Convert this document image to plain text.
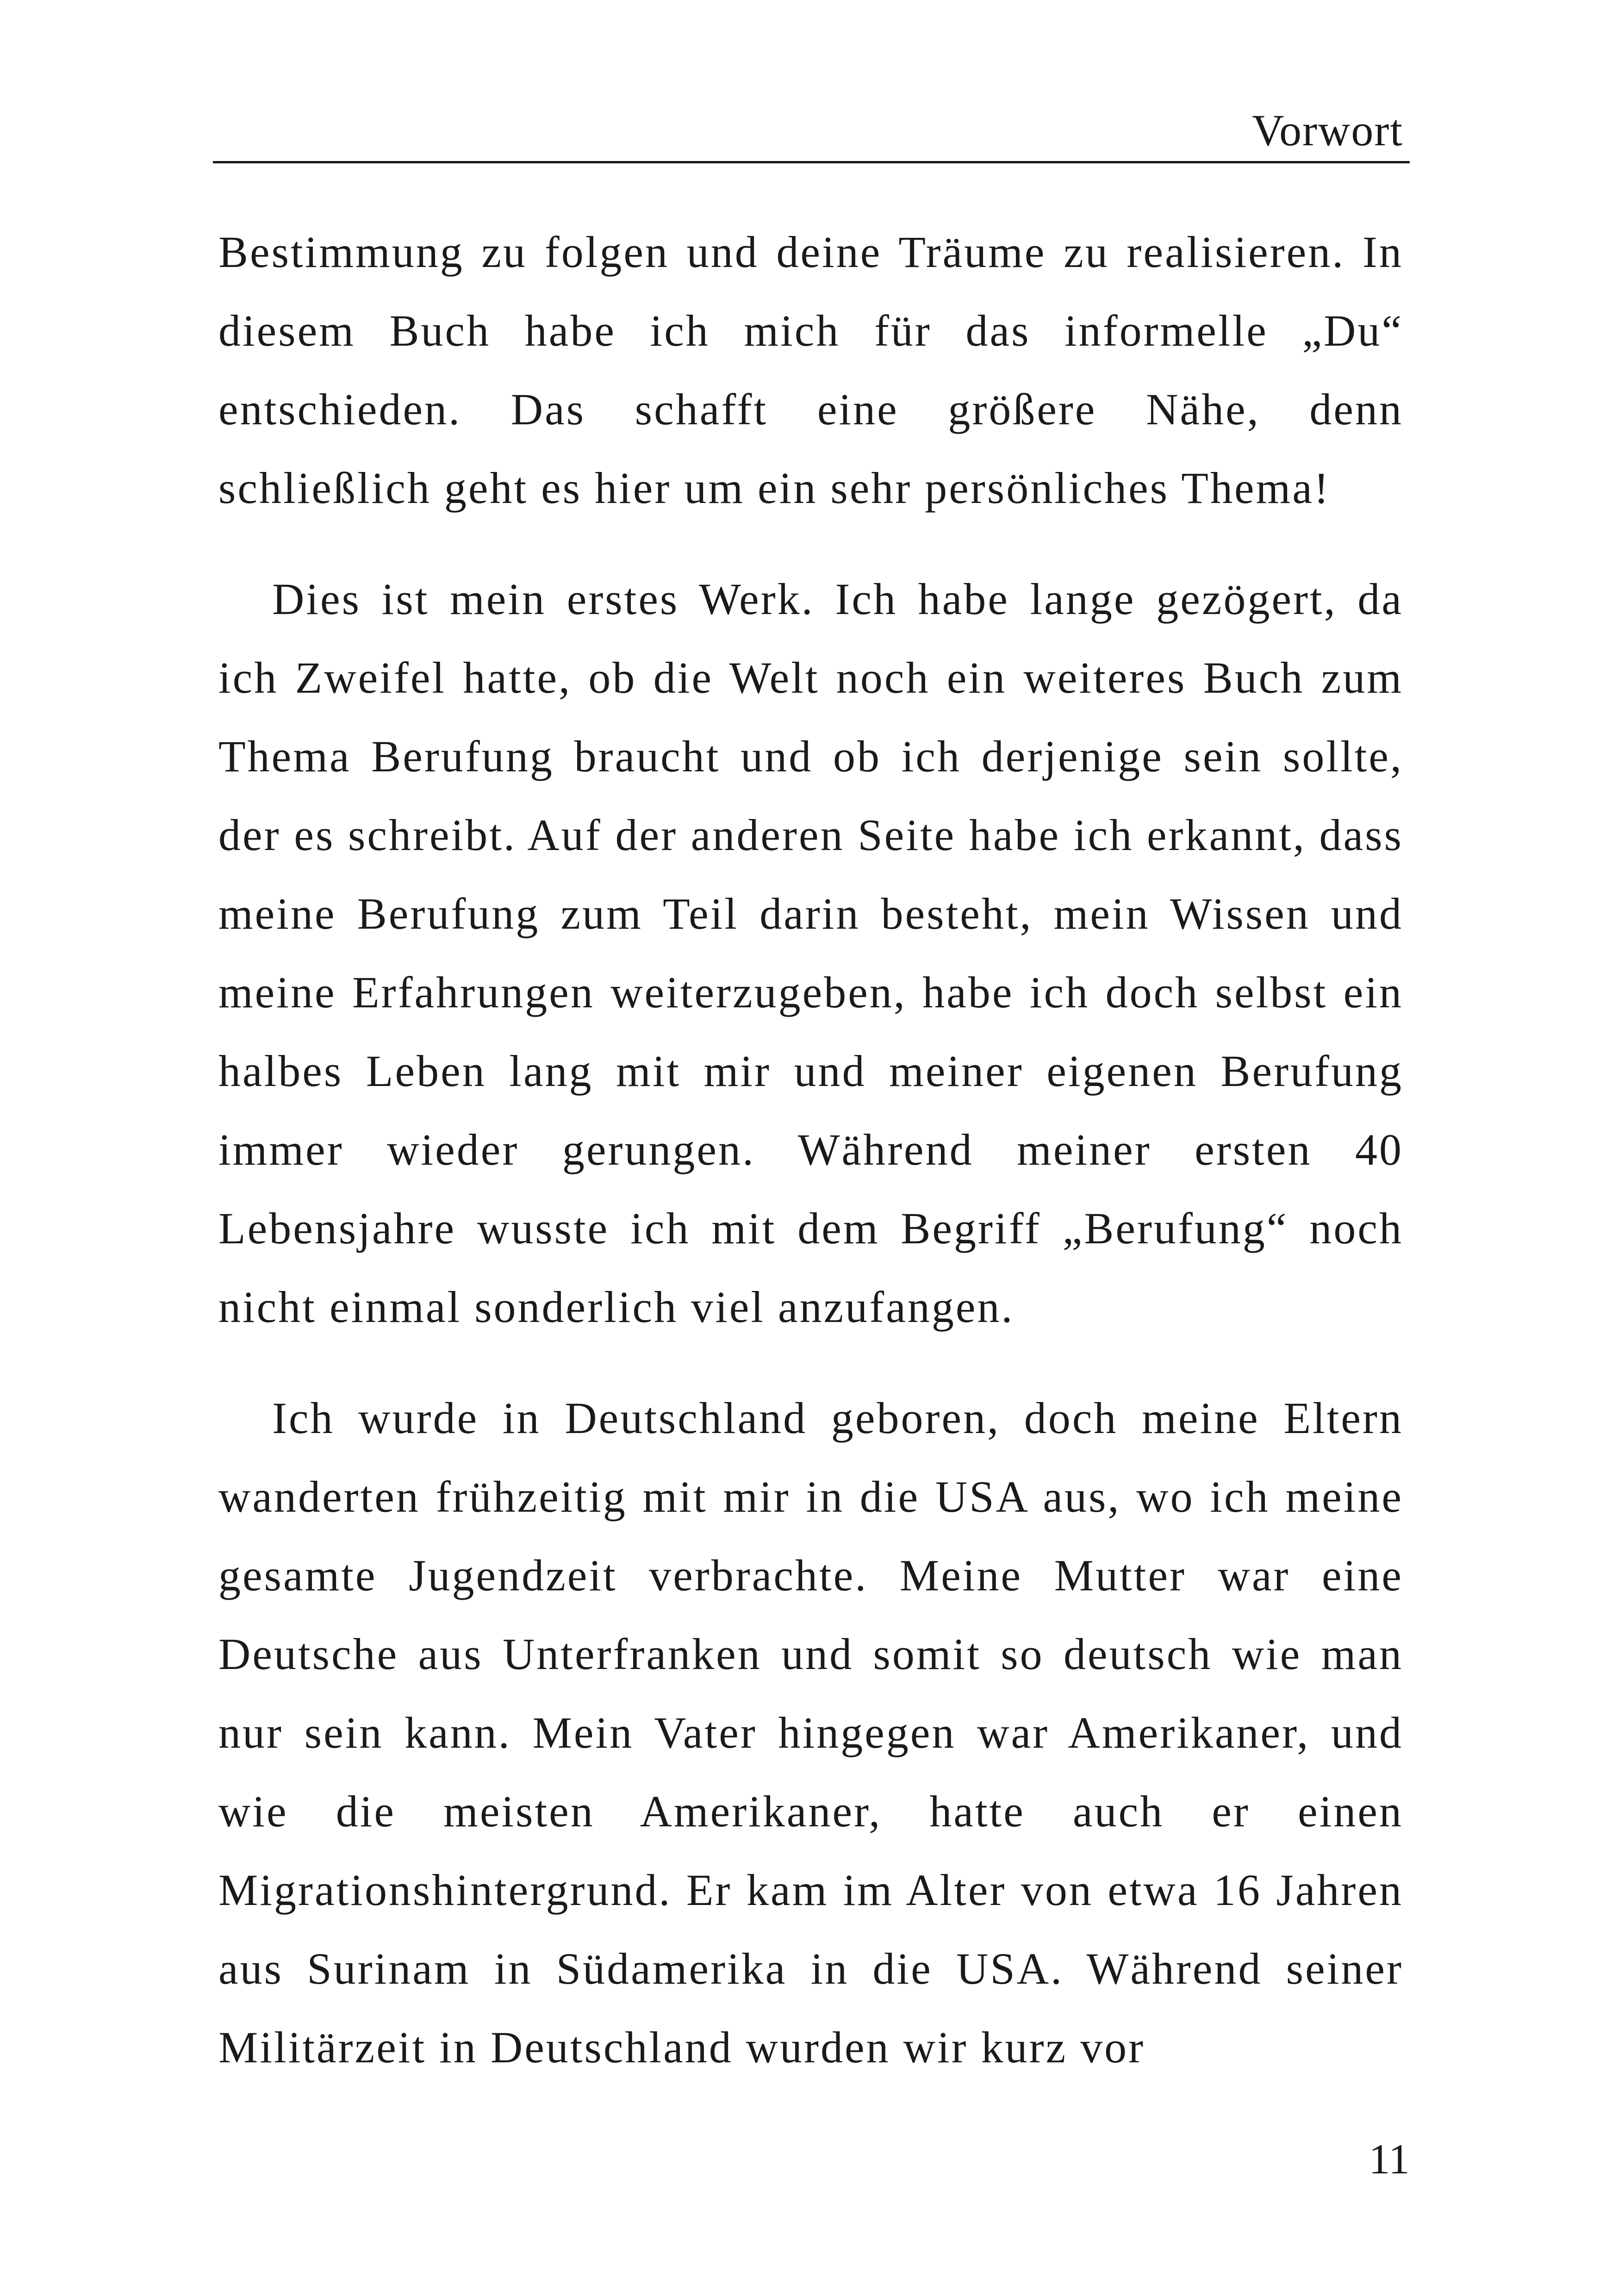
Vorwort

Bestimmung zu folgen und deine Träume zu realisieren. In diesem Buch habe ich mich für das informelle „Du“ entschieden. Das schafft eine größere Nähe, denn schließlich geht es hier um ein sehr persönliches Thema!

Dies ist mein erstes Werk. Ich habe lange gezögert, da ich Zweifel hatte, ob die Welt noch ein weiteres Buch zum Thema Berufung braucht und ob ich derjenige sein sollte, der es schreibt. Auf der anderen Seite habe ich erkannt, dass meine Berufung zum Teil darin besteht, mein Wissen und meine Erfahrungen weiterzugeben, habe ich doch selbst ein halbes Leben lang mit mir und meiner eigenen Berufung immer wieder gerungen. Während meiner ersten 40 Lebensjahre wusste ich mit dem Begriff „Berufung“ noch nicht einmal sonderlich viel anzufangen.

Ich wurde in Deutschland geboren, doch meine Eltern wanderten frühzeitig mit mir in die USA aus, wo ich meine gesamte Jugendzeit verbrachte. Meine Mutter war eine Deutsche aus Unterfranken und somit so deutsch wie man nur sein kann. Mein Vater hingegen war Amerikaner, und wie die meisten Amerikaner, hatte auch er einen Migrationshintergrund. Er kam im Alter von etwa 16 Jahren aus Surinam in Südamerika in die USA. Während seiner Militärzeit in Deutschland wurden wir kurz vor

11
